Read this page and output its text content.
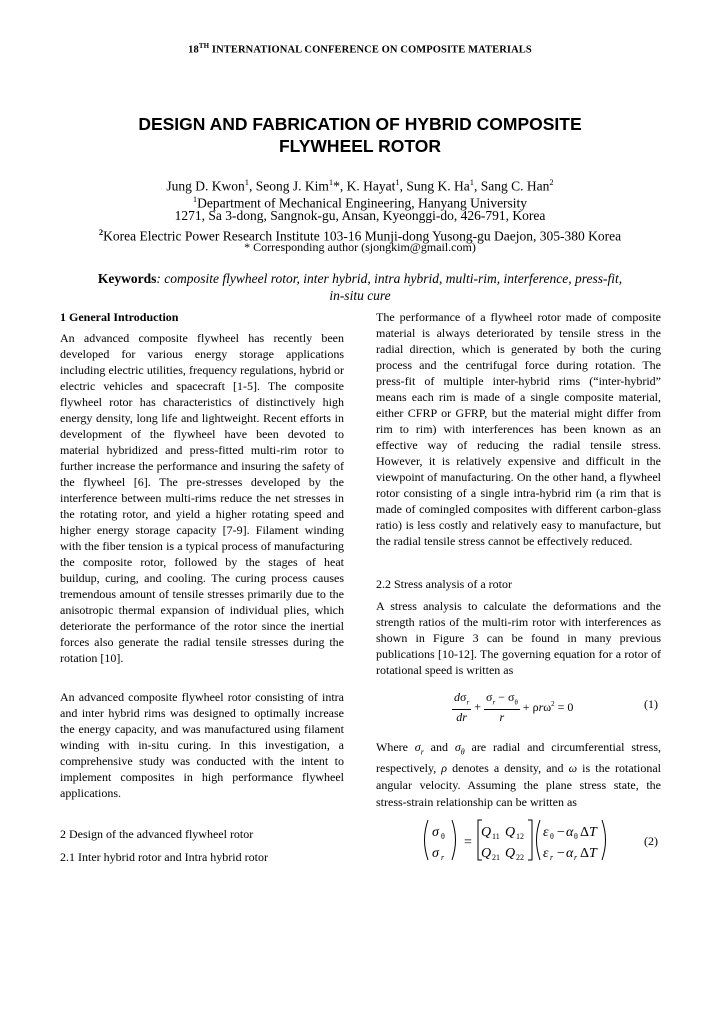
18TH INTERNATIONAL CONFERENCE ON COMPOSITE MATERIALS
DESIGN AND FABRICATION OF HYBRID COMPOSITE
FLYWHEEL ROTOR
Jung D. Kwon$^1$, Seong J. Kim$^1$*, K. Hayat$^1$, Sung K. Ha$^1$, Sang C. Han$^2$
$^1$Department of Mechanical Engineering, Hanyang University
1271, Sa 3-dong, Sangnok-gu, Ansan, Kyeonggi-do, 426-791, Korea
$^2$Korea Electric Power Research Institute 103-16 Munji-dong Yusong-gu Daejon, 305-380 Korea
* Corresponding author (sjongkim@gmail.com)
Keywords: composite flywheel rotor, inter hybrid, intra hybrid, multi-rim, interference, press-fit, in-situ cure
1 General Introduction
An advanced composite flywheel has recently been developed for various energy storage applications including electric utilities, frequency regulations, hybrid or electric vehicles and spacecraft [1-5]. The composite flywheel rotor has characteristics of distinctively high energy density, long life and lightweight. Recent efforts in development of the flywheel have been devoted to material hybridized and press-fitted multi-rim rotor to further increase the performance and insuring the safety of the flywheel [6]. The pre-stresses developed by the interference between multi-rims reduce the net stresses in the rotating rotor, and yield a higher rotating speed and higher energy storage capacity [7-9]. Filament winding with the fiber tension is a typical process of manufacturing the composite rotor, followed by the stages of heat buildup, curing, and cooling. The curing process causes tremendous amount of tensile stresses primarily due to the anisotropic thermal expansion of individual plies, which deteriorate the performance of the rotor since the inertial forces also generate the radial tensile stresses during the rotation [10].
An advanced composite flywheel rotor consisting of intra and inter hybrid rims was designed to optimally increase the energy capacity, and was manufactured using filament winding with in-situ curing. In this investigation, a comprehensive study was conducted with the intent to implement composites in high performance flywheel applications.
2 Design of the advanced flywheel rotor
2.1 Inter hybrid rotor and Intra hybrid rotor
The performance of a flywheel rotor made of composite material is always deteriorated by tensile stress in the radial direction, which is generated by both the curing process and the centrifugal force during rotation. The press-fit of multiple inter-hybrid rims (“inter-hybrid” means each rim is made of a single composite material, either CFRP or GFRP, but the material might differ from rim to rim) with interferences has been known as an effective way of reducing the radial tensile stress. However, it is relatively expensive and difficult in the viewpoint of manufacturing. On the other hand, a flywheel rotor consisting of a single intra-hybrid rim (a rim that is made of comingled composites with different carbon-glass ratio) is less costly and relatively easy to manufacture, but the radial tensile stress cannot be effectively reduced.
2.2 Stress analysis of a rotor
A stress analysis to calculate the deformations and the strength ratios of the multi-rim rotor with interferences as shown in Figure 3 can be found in many previous publications [10-12]. The governing equation for a rotor of rotational speed is written as
$\frac{d\sigma_r}{dr} + \frac{\sigma_r - \sigma_\theta}{r} + \rho r\omega^2 = 0$	(1)
Where $\sigma_r$ and $\sigma_\theta$ are radial and circumferential stress, respectively, ρ denotes a density, and ω is the rotational angular velocity. Assuming the plane stress state, the stress-strain relationship can be written as
σ θ
σ r
=
Q 11 Q 12
Q 21 Q 22
ε θ − α θ Δ T
ε r − α r Δ T
(2)
